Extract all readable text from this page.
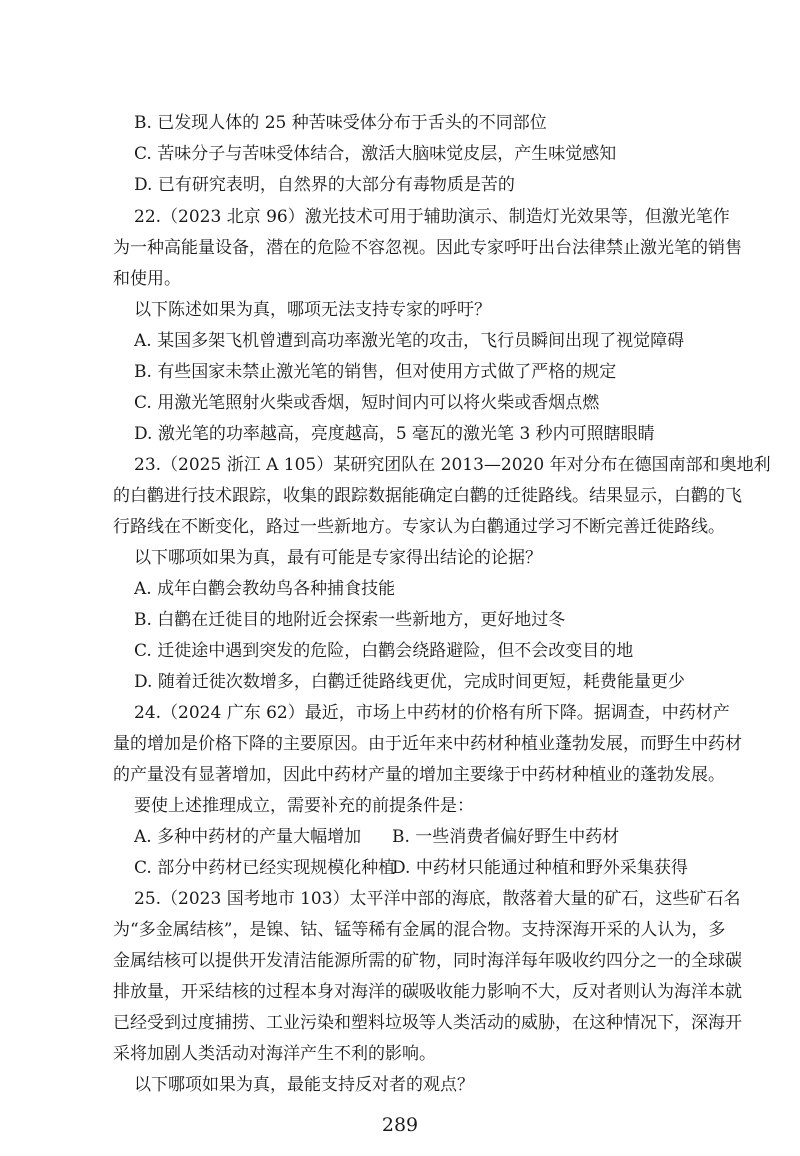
B. 已发现人体的 25 种苦味受体分布于舌头的不同部位
C. 苦味分子与苦味受体结合，激活大脑味觉皮层，产生味觉感知
D. 已有研究表明，自然界的大部分有毒物质是苦的
22.（2023 北京 96）激光技术可用于辅助演示、制造灯光效果等，但激光笔作
为一种高能量设备，潜在的危险不容忽视。因此专家呼吁出台法律禁止激光笔的销售
和使用。
以下陈述如果为真，哪项无法支持专家的呼吁？
A. 某国多架飞机曾遭到高功率激光笔的攻击，飞行员瞬间出现了视觉障碍
B. 有些国家未禁止激光笔的销售，但对使用方式做了严格的规定
C. 用激光笔照射火柴或香烟，短时间内可以将火柴或香烟点燃
D. 激光笔的功率越高，亮度越高，5 毫瓦的激光笔 3 秒内可照瞎眼睛
23.（2025 浙江 A 105）某研究团队在 2013—2020 年对分布在德国南部和奥地利
的白鹳进行技术跟踪，收集的跟踪数据能确定白鹳的迁徙路线。结果显示，白鹳的飞
行路线在不断变化，路过一些新地方。专家认为白鹳通过学习不断完善迁徙路线。
以下哪项如果为真，最有可能是专家得出结论的论据？
A. 成年白鹳会教幼鸟各种捕食技能
B. 白鹳在迁徙目的地附近会探索一些新地方，更好地过冬
C. 迁徙途中遇到突发的危险，白鹳会绕路避险，但不会改变目的地
D. 随着迁徙次数增多，白鹳迁徙路线更优，完成时间更短，耗费能量更少
24.（2024 广东 62）最近，市场上中药材的价格有所下降。据调查，中药材产
量的增加是价格下降的主要原因。由于近年来中药材种植业蓬勃发展，而野生中药材
的产量没有显著增加，因此中药材产量的增加主要缘于中药材种植业的蓬勃发展。
要使上述推理成立，需要补充的前提条件是：
A. 多种中药材的产量大幅增加 B. 一些消费者偏好野生中药材
C. 部分中药材已经实现规模化种植
D. 中药材只能通过种植和野外采集获得
25.（2023 国考地市 103）太平洋中部的海底，散落着大量的矿石，这些矿石名
为“多金属结核”，是镍、钴、锰等稀有金属的混合物。支持深海开采的人认为，多
金属结核可以提供开发清洁能源所需的矿物，同时海洋每年吸收约四分之一的全球碳
排放量，开采结核的过程本身对海洋的碳吸收能力影响不大，反对者则认为海洋本就
已经受到过度捕捞、工业污染和塑料垃圾等人类活动的威胁，在这种情况下，深海开
采将加剧人类活动对海洋产生不利的影响。
以下哪项如果为真，最能支持反对者的观点？
289
